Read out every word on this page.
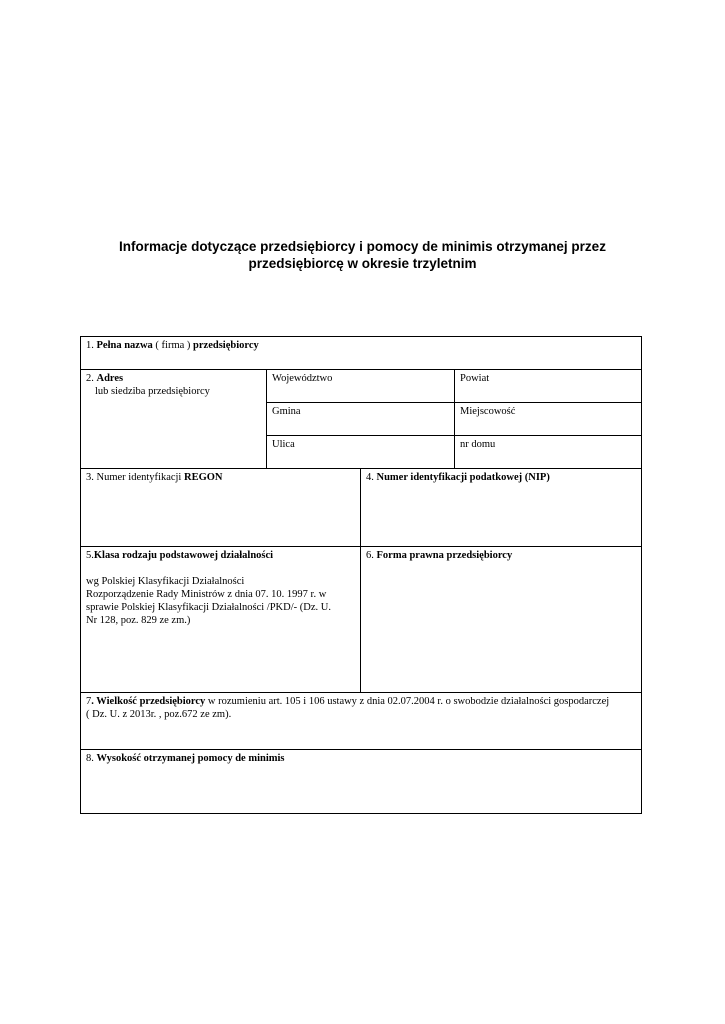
Informacje dotyczące przedsiębiorcy i pomocy de minimis otrzymanej przez
przedsiębiorcę w okresie trzyletnim
1. Pełna nazwa ( firma ) przedsiębiorcy			
2. Adres
lub siedziba przedsiębiorcy	Województwo		Powiat
	Gmina		Miejscowość
	Ulica		nr domu
3. Numer identyfikacji REGON		4. Numer identyfikacji podatkowej (NIP)	
5.Klasa rodzaju podstawowej działalności
wg Polskiej Klasyfikacji Działalności
Rozporządzenie Rady Ministrów z dnia 07. 10. 1997 r. w
sprawie Polskiej Klasyfikacji Działalności /PKD/- (Dz. U.
Nr 128, poz. 829 ze zm.)		6. Forma prawna przedsiębiorcy	
7. Wielkość przedsiębiorcy w rozumieniu art. 105 i 106 ustawy z dnia 02.07.2004 r. o swobodzie działalności gospodarczej
( Dz. U. z 2013r. , poz.672 ze zm).			

8. Wysokość otrzymanej pomocy de minimis			
